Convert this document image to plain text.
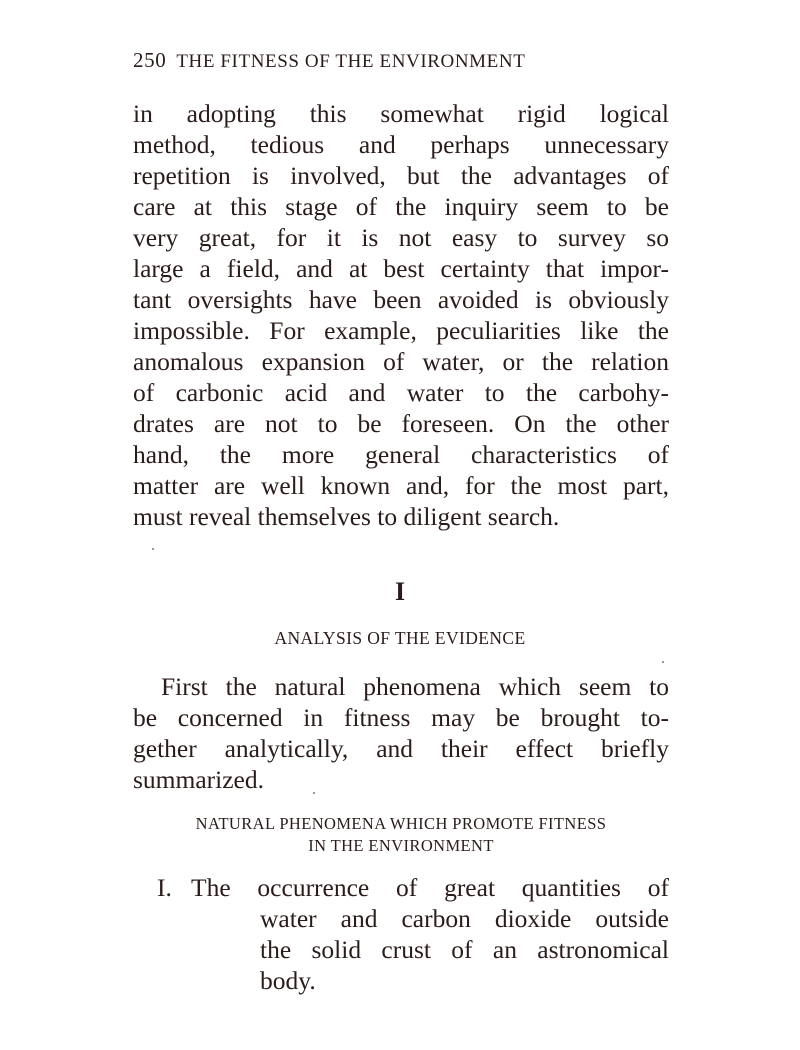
250 THE FITNESS OF THE ENVIRONMENT
in adopting this somewhat rigid logical
method, tedious and perhaps unnecessary
repetition is involved, but the advantages of
care at this stage of the inquiry seem to be
very great, for it is not easy to survey so
large a field, and at best certainty that impor-
tant oversights have been avoided is obviously
impossible. For example, peculiarities like the
anomalous expansion of water, or the relation
of carbonic acid and water to the carbohy-
drates are not to be foreseen. On the other
hand, the more general characteristics of
matter are well known and, for the most part,
must reveal themselves to diligent search.
I
ANALYSIS OF THE EVIDENCE
First the natural phenomena which seem to
be concerned in fitness may be brought to-
gether analytically, and their effect briefly
summarized.
NATURAL PHENOMENA WHICH PROMOTE FITNESS
IN THE ENVIRONMENT
I. The occurrence of great quantities of
water and carbon dioxide outside
the solid crust of an astronomical
body.
